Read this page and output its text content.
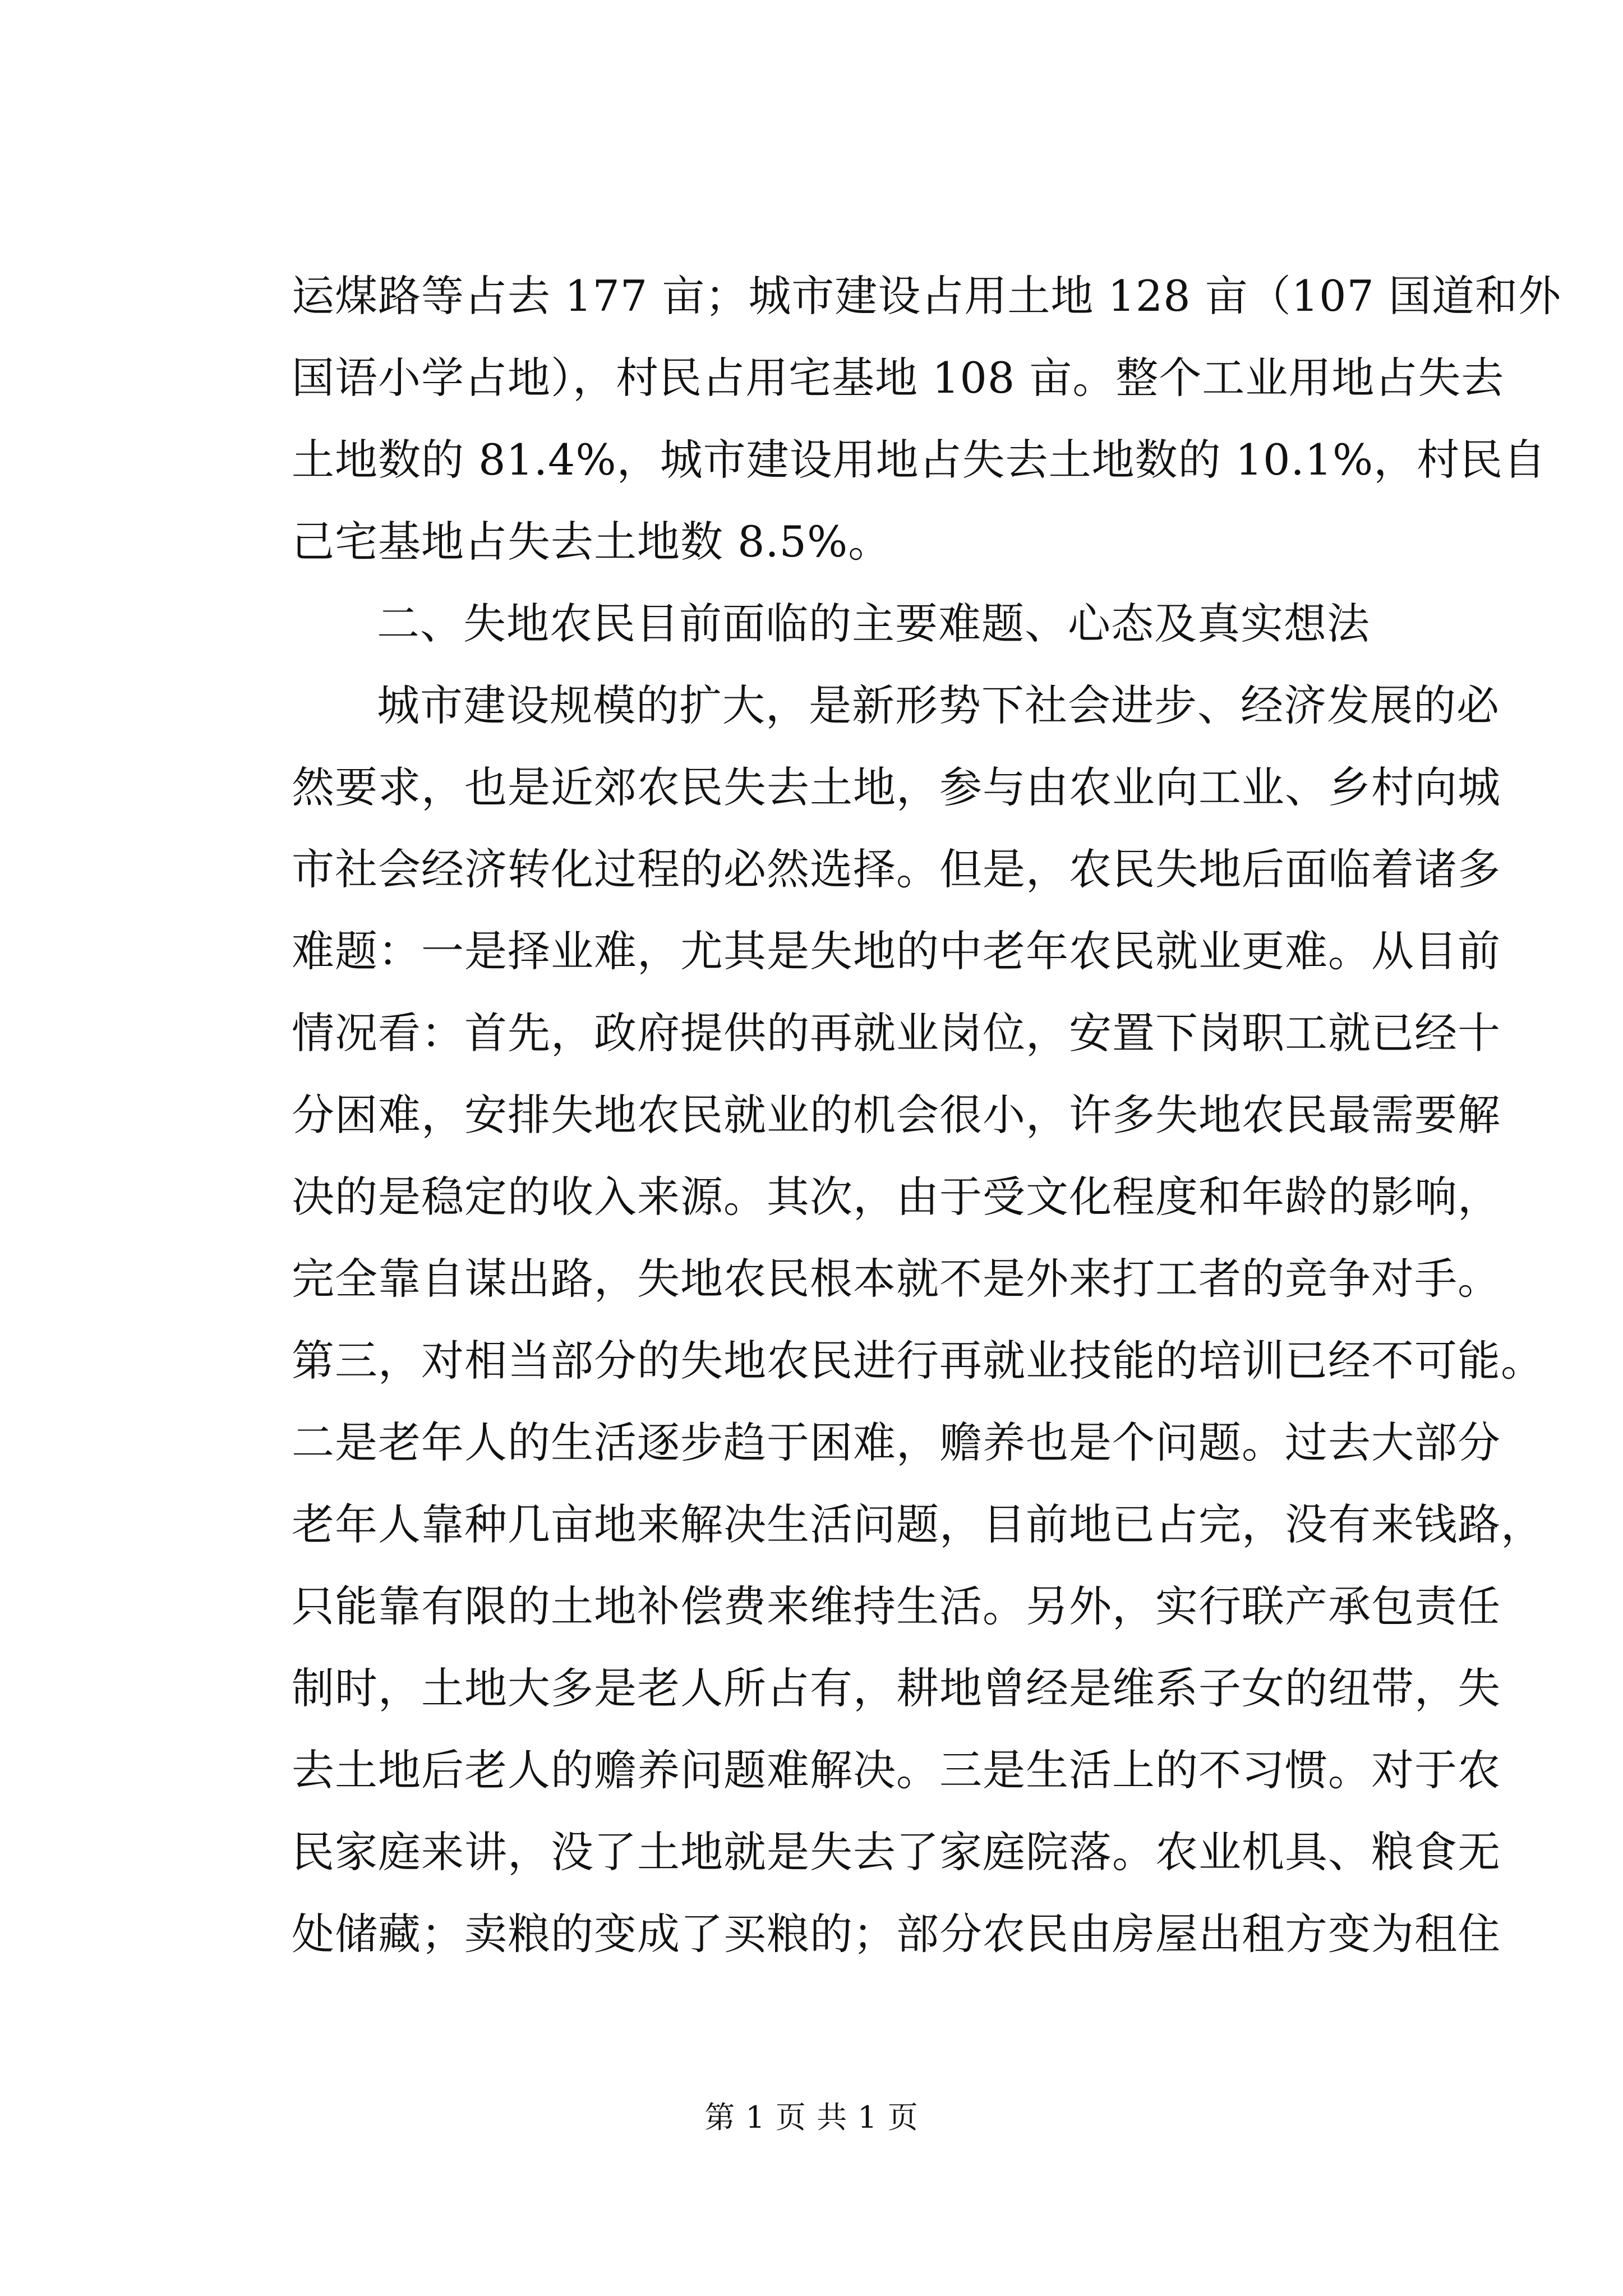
运煤路等占去 177 亩；城市建设占用土地 128 亩（107 国道和外
国语小学占地），村民占用宅基地 108 亩。整个工业用地占失去
土地数的 81.4%，城市建设用地占失去土地数的 10.1%，村民自
己宅基地占失去土地数 8.5%。
二、失地农民目前面临的主要难题、心态及真实想法
城市建设规模的扩大，是新形势下社会进步、经济发展的必
然要求，也是近郊农民失去土地，参与由农业向工业、乡村向城
市社会经济转化过程的必然选择。但是，农民失地后面临着诸多
难题：一是择业难，尤其是失地的中老年农民就业更难。从目前
情况看：首先，政府提供的再就业岗位，安置下岗职工就已经十
分困难，安排失地农民就业的机会很小，许多失地农民最需要解
决的是稳定的收入来源。其次，由于受文化程度和年龄的影响，
完全靠自谋出路，失地农民根本就不是外来打工者的竞争对手。
第三，对相当部分的失地农民进行再就业技能的培训已经不可能。
二是老年人的生活逐步趋于困难，赡养也是个问题。过去大部分
老年人靠种几亩地来解决生活问题，目前地已占完，没有来钱路，
只能靠有限的土地补偿费来维持生活。另外，实行联产承包责任
制时，土地大多是老人所占有，耕地曾经是维系子女的纽带，失
去土地后老人的赡养问题难解决。三是生活上的不习惯。对于农
民家庭来讲，没了土地就是失去了家庭院落。农业机具、粮食无
处储藏；卖粮的变成了买粮的；部分农民由房屋出租方变为租住
第 1 页 共 1 页
